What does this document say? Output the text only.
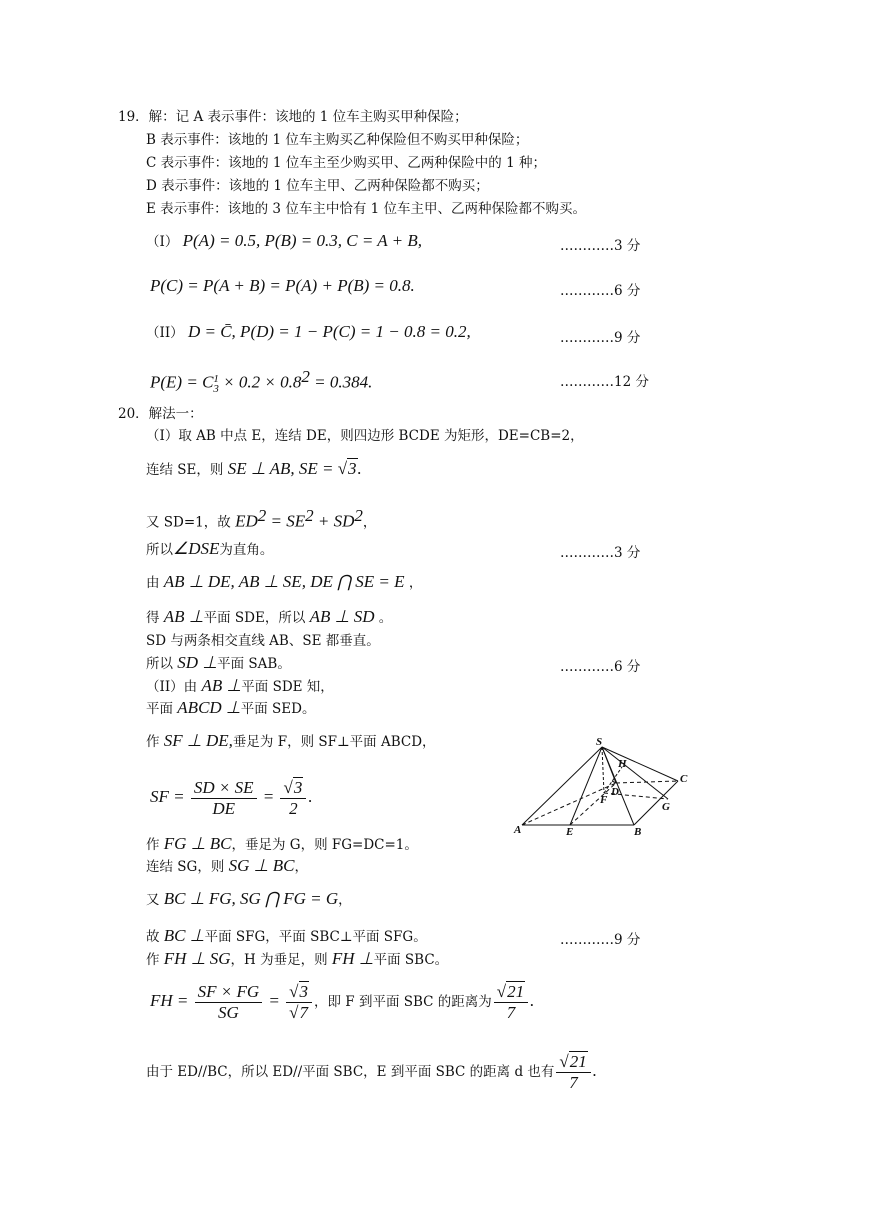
19．解：记 A 表示事件：该地的 1 位车主购买甲种保险；
B 表示事件：该地的 1 位车主购买乙种保险但不购买甲种保险；
C 表示事件：该地的 1 位车主至少购买甲、乙两种保险中的 1 种；
D 表示事件：该地的 1 位车主甲、乙两种保险都不购买；
E 表示事件：该地的 3 位车主中恰有 1 位车主甲、乙两种保险都不购买。
（I） P(A) = 0.5, P(B) = 0.3, C = A + B,	…………3 分
P(C) = P(A + B) = P(A) + P(B) = 0.8.	…………6 分
（II） D = C̄, P(D) = 1 − P(C) = 1 − 0.8 = 0.2,	…………9 分
P(E) = C 1
$3 \times 0.2 \times 0.8^2 = 0.384$.	…………12 分
20．解法一：
（I）取 AB 中点 E，连结 DE，则四边形 BCDE 为矩形，DE=CB=2，
连结 SE，则 SE ⊥ AB, SE = √3.
又 SD=1，故 $ED^2 = SE^2 + SD^2$，
所以∠DSE为直角。	…………3 分
由 AB ⊥ DE, AB ⊥ SE, DE ⋂ SE = E ，
得 AB ⊥平面 SDE，所以 AB ⊥ SD 。
SD 与两条相交直线 AB、SE 都垂直。
所以 SD ⊥平面 SAB。	…………6 分
（II）由 AB ⊥平面 SDE 知，
平面 ABCD ⊥平面 SED。
作 SF ⊥ DE,垂足为 F，则 SF⊥平面 ABCD，
SF = $\frac{SD \times SE}{DE} = \frac{√3}{2}$ .
作 FG ⊥ BC，垂足为 G，则 FG=DC=1。
连结 SG，则 SG ⊥ BC，
又 BC ⊥ FG, SG ⋂ FG = G，
故 BC ⊥平面 SFG，平面 SBC⊥平面 SFG。	…………9 分
作 FH ⊥ SG，H 为垂足，则 FH ⊥平面 SBC。
FH = $\frac{SF \times FG}{SG} = \frac{√3}{√7}$ ，即 F 到平面 SBC 的距离为 $\frac{√21}{7}$ .
由于 ED//BC，所以 ED//平面 SBC，E 到平面 SBC 的距离 d 也有 $\frac{√21}{7}$ .
S
H
C
D
F
G
A	E	B
